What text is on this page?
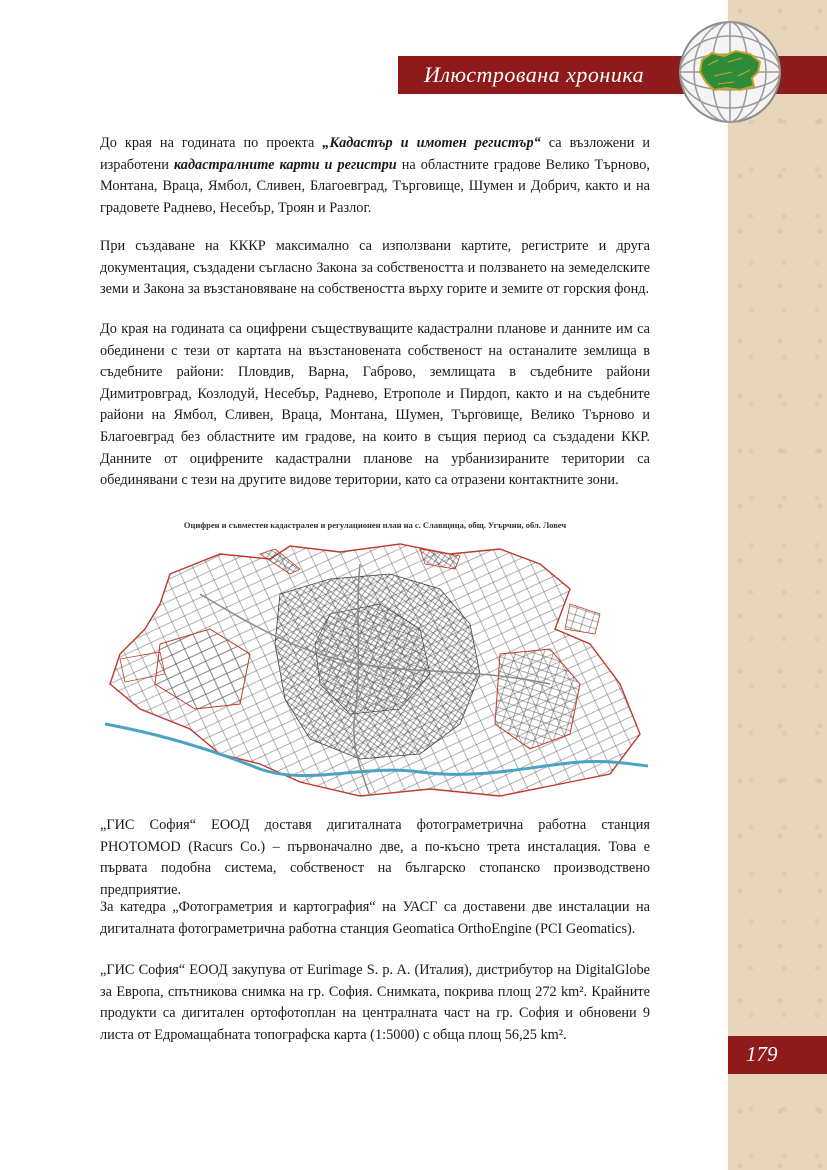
Илюстрована хроника

До края на годината по проекта „Кадастър и имотен регистър“ са възложени и изработени кадастралните карти и регистри на областните градове Велико Търново, Монтана, Враца, Ямбол, Сливен, Благоевград, Търговище, Шумен и Добрич, както и на градовете Раднево, Несебър, Троян и Разлог.

При създаване на КККР максимално са използвани картите, регистрите и друга документация, създадени съгласно Закона за собствеността и ползването на земеделските земи и Закона за възстановяване на собствеността върху горите и земите от горския фонд.

До края на годината са оцифрени съществуващите кадастрални планове и данните им са обединени с тези от картата на възстановената собственост на останалите землища в съдебните райони: Пловдив, Варна, Габрово, землищата в съдебните райони Димитровград, Козлодуй, Несебър, Раднево, Етрополе и Пирдоп, както и на съдебните райони на Ямбол, Сливен, Враца, Монтана, Шумен, Търговище, Велико Търново и Благоевград без областните им градове, на които в същия период са създадени ККР. Данните от оцифрените кадастрални планове на урбанизираните територии са обединявани с тези на другите видове територии, като са отразени контактните зони.

Оцифрен и съвместен кадастрален и регулационен план на с. Славщица, общ. Угърчин, обл. Ловеч

„ГИС София“ ЕООД доставя дигиталната фотограметрична работна станция PHOTOMOD (Racurs Co.) – първоначално две, а по-късно трета инсталация. Това е първата подобна система, собственост на българско стопанско производствено предприятие.

За катедра „Фотограметрия и картография“ на УАСГ са доставени две инсталации на дигиталната фотограметрична работна станция Geomatica OrthoEngine (PCI Geomatics).

„ГИС София“ ЕООД закупува от Eurimage S. p. A. (Италия), дистрибутор на DigitalGlobe за Европа, спътникова снимка на гр. София. Снимката, покрива площ 272 km². Крайните продукти са дигитален ортофотоплан на централната част на гр. София и обновени 9 листа от Едромащабната топографска карта (1:5000) с обща площ 56,25 km².

179
